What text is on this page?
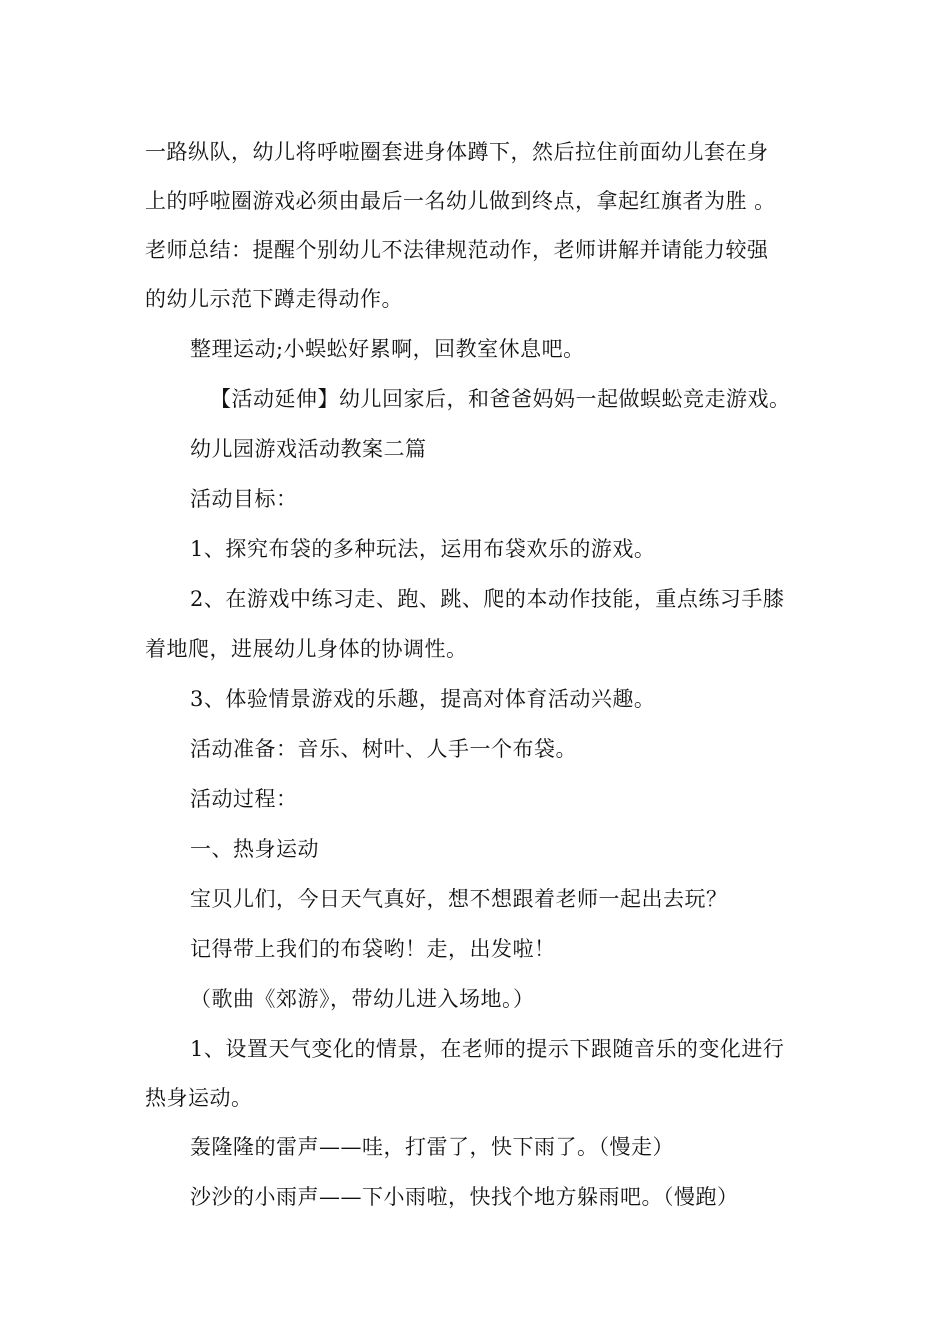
一路纵队，幼儿将呼啦圈套进身体蹲下，然后拉住前面幼儿套在身
上的呼啦圈游戏必须由最后一名幼儿做到终点，拿起红旗者为胜 。
老师总结：提醒个别幼儿不法律规范动作，老师讲解并请能力较强
的幼儿示范下蹲走得动作。
整理运动;小蜈蚣好累啊，回教室休息吧。
【活动延伸】幼儿回家后，和爸爸妈妈一起做蜈蚣竞走游戏。
幼儿园游戏活动教案二篇
活动目标：
1、探究布袋的多种玩法，运用布袋欢乐的游戏。
2、在游戏中练习走、跑、跳、爬的本动作技能，重点练习手膝
着地爬，进展幼儿身体的协调性。
3、体验情景游戏的乐趣，提高对体育活动兴趣。
活动准备：音乐、树叶、人手一个布袋。
活动过程：
一、热身运动
宝贝儿们，今日天气真好，想不想跟着老师一起出去玩？
记得带上我们的布袋哟！走，出发啦！
（歌曲《郊游》，带幼儿进入场地。）
1、设置天气变化的情景，在老师的提示下跟随音乐的变化进行
热身运动。
轰隆隆的雷声——哇，打雷了，快下雨了。（慢走）
沙沙的小雨声——下小雨啦，快找个地方躲雨吧。（慢跑）
